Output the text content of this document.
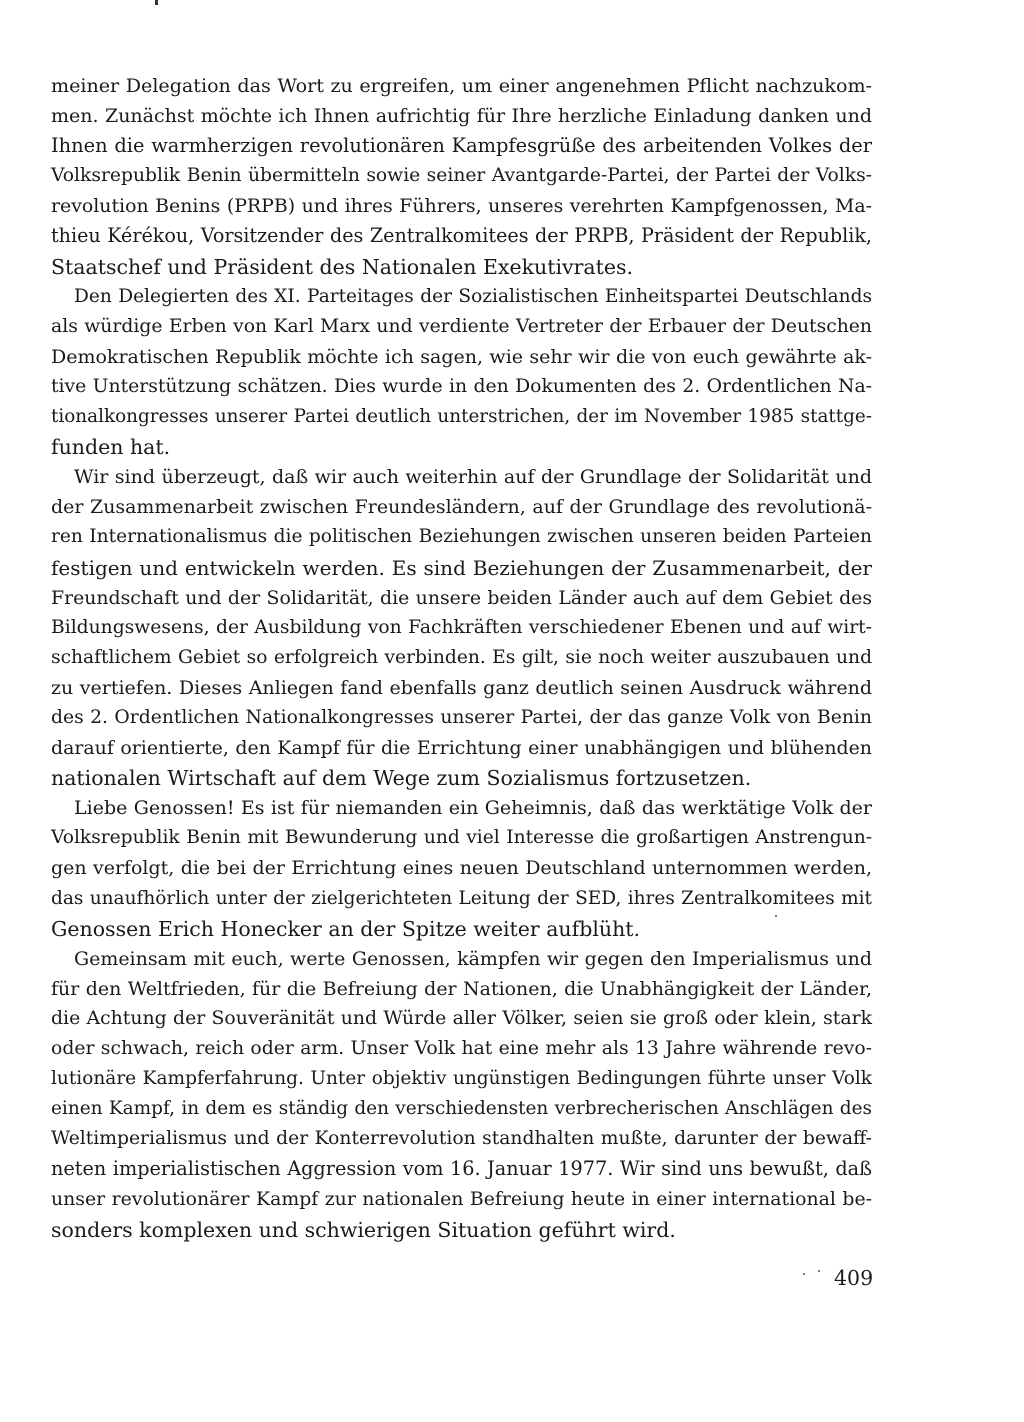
meiner Delegation das Wort zu ergreifen, um einer angenehmen Pflicht nachzukom-
men. Zunächst möchte ich Ihnen aufrichtig für Ihre herzliche Einladung danken und
Ihnen die warmherzigen revolutionären Kampfesgrüße des arbeitenden Volkes der
Volksrepublik Benin übermitteln sowie seiner Avantgarde-Partei, der Partei der Volks-
revolution Benins (PRPB) und ihres Führers, unseres verehrten Kampfgenossen, Ma-
thieu Kérékou, Vorsitzender des Zentralkomitees der PRPB, Präsident der Republik,
Staatschef und Präsident des Nationalen Exekutivrates.
Den Delegierten des XI. Parteitages der Sozialistischen Einheitspartei Deutschlands
als würdige Erben von Karl Marx und verdiente Vertreter der Erbauer der Deutschen
Demokratischen Republik möchte ich sagen, wie sehr wir die von euch gewährte ak-
tive Unterstützung schätzen. Dies wurde in den Dokumenten des 2. Ordentlichen Na-
tionalkongresses unserer Partei deutlich unterstrichen, der im November 1985 stattge-
funden hat.
Wir sind überzeugt, daß wir auch weiterhin auf der Grundlage der Solidarität und
der Zusammenarbeit zwischen Freundesländern, auf der Grundlage des revolutionä-
ren Internationalismus die politischen Beziehungen zwischen unseren beiden Parteien
festigen und entwickeln werden. Es sind Beziehungen der Zusammenarbeit, der
Freundschaft und der Solidarität, die unsere beiden Länder auch auf dem Gebiet des
Bildungswesens, der Ausbildung von Fachkräften verschiedener Ebenen und auf wirt-
schaftlichem Gebiet so erfolgreich verbinden. Es gilt, sie noch weiter auszubauen und
zu vertiefen. Dieses Anliegen fand ebenfalls ganz deutlich seinen Ausdruck während
des 2. Ordentlichen Nationalkongresses unserer Partei, der das ganze Volk von Benin
darauf orientierte, den Kampf für die Errichtung einer unabhängigen und blühenden
nationalen Wirtschaft auf dem Wege zum Sozialismus fortzusetzen.
Liebe Genossen! Es ist für niemanden ein Geheimnis, daß das werktätige Volk der
Volksrepublik Benin mit Bewunderung und viel Interesse die großartigen Anstrengun-
gen verfolgt, die bei der Errichtung eines neuen Deutschland unternommen werden,
das unaufhörlich unter der zielgerichteten Leitung der SED, ihres Zentralkomitees mit
Genossen Erich Honecker an der Spitze weiter aufblüht.
Gemeinsam mit euch, werte Genossen, kämpfen wir gegen den Imperialismus und
für den Weltfrieden, für die Befreiung der Nationen, die Unabhängigkeit der Länder,
die Achtung der Souveränität und Würde aller Völker, seien sie groß oder klein, stark
oder schwach, reich oder arm. Unser Volk hat eine mehr als 13 Jahre währende revo-
lutionäre Kampferfahrung. Unter objektiv ungünstigen Bedingungen führte unser Volk
einen Kampf, in dem es ständig den verschiedensten verbrecherischen Anschlägen des
Weltimperialismus und der Konterrevolution standhalten mußte, darunter der bewaff-
neten imperialistischen Aggression vom 16. Januar 1977. Wir sind uns bewußt, daß
unser revolutionärer Kampf zur nationalen Befreiung heute in einer international be-
sonders komplexen und schwierigen Situation geführt wird.
409
